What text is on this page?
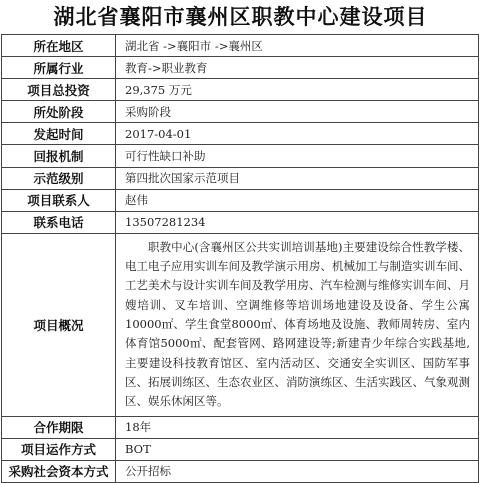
湖北省襄阳市襄州区职教中心建设项目
所在地区	湖北省 ->襄阳市 ->襄州区
所属行业	教育->职业教育
项目总投资	29,375 万元
所处阶段	采购阶段
发起时间	2017-04-01
回报机制	可行性缺口补助
示范级别	第四批次国家示范项目
项目联系人	赵伟
联系电话	13507281234
项目概况	职教中心(含襄州区公共实训培训基地)主要建设综合性教学楼、电工电子应用实训车间及教学演示用房、机械加工与制造实训车间、工艺美术与设计实训车间及教学用房、汽车检测与维修实训车间、月嫂培训、叉车培训、空调维修等培训场地建设及设备、学生公寓10000㎡、学生食堂8000㎡、体育场地及设施、教师周转房、室内体育馆5000㎡、配套管网、路网建设等;新建青少年综合实践基地,主要建设科技教育馆区、室内活动区、交通安全实训区、国防军事区、拓展训练区、生态农业区、消防演练区、生活实践区、气象观测区、娱乐休闲区等。
合作期限	18年
项目运作方式	BOT
采购社会资本方式	公开招标
